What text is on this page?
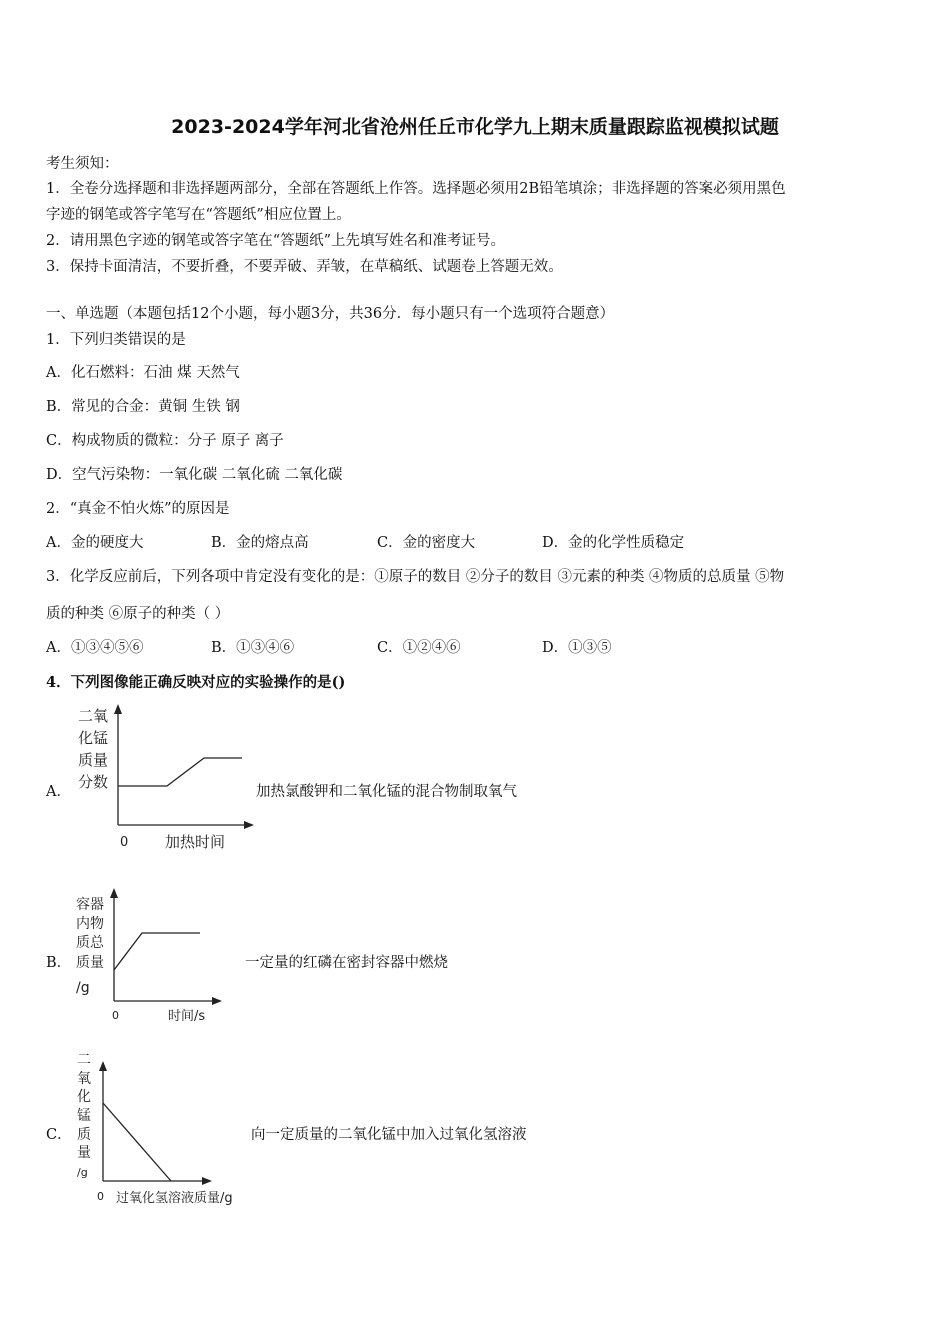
2023-2024学年河北省沧州任丘市化学九上期末质量跟踪监视模拟试题
考生须知：
1．全卷分选择题和非选择题两部分，全部在答题纸上作答。选择题必须用2B铅笔填涂；非选择题的答案必须用黑色
字迹的钢笔或答字笔写在“答题纸”相应位置上。
2．请用黑色字迹的钢笔或答字笔在“答题纸”上先填写姓名和准考证号。
3．保持卡面清洁，不要折叠，不要弄破、弄皱，在草稿纸、试题卷上答题无效。
一、单选题（本题包括12个小题，每小题3分，共36分．每小题只有一个选项符合题意）
1．下列归类错误的是
A．化石燃料：石油 煤 天然气
B．常见的合金：黄铜 生铁 钢
C．构成物质的微粒：分子 原子 离子
D．空气污染物：一氧化碳 二氧化硫 二氧化碳
2．“真金不怕火炼”的原因是
A．金的硬度大	B．金的熔点高	C．金的密度大	D．金的化学性质稳定
3．化学反应前后，下列各项中肯定没有变化的是：①原子的数目 ②分子的数目 ③元素的种类 ④物质的总质量 ⑤物
质的种类 ⑥原子的种类（ ）
A．①③④⑤⑥	B．①③④⑥	C．①②④⑥	D．①③⑤
4．下列图像能正确反映对应的实验操作的是()
A．
二氧
化锰
质量
分数
0 加热时间
加热氯酸钾和二氧化锰的混合物制取氧气
B．
容器
内物
质总
质量
/g
0	时间/s
一定量的红磷在密封容器中燃烧
C．
二
氧
化
锰
质
量
/g
0 过氧化氢溶液质量/g
向一定质量的二氧化锰中加入过氧化氢溶液
